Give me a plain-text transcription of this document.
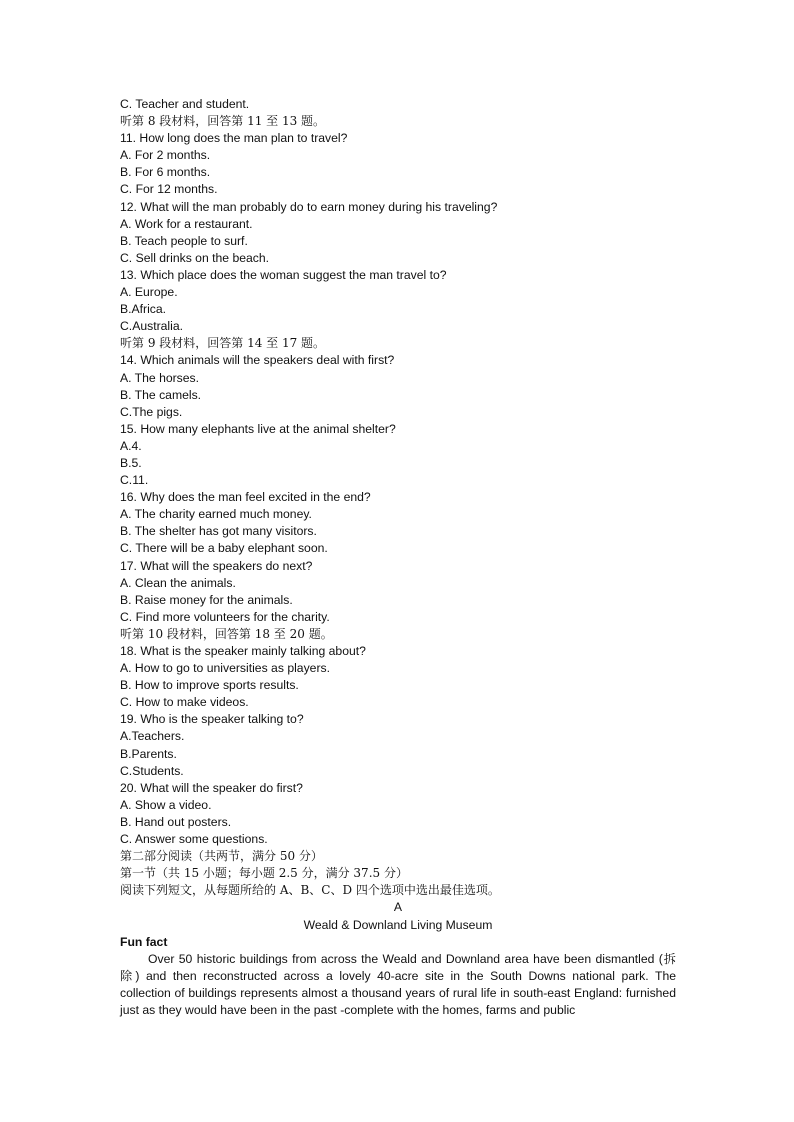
C. Teacher and student.
听第 8 段材料，回答第 11 至 13 题。
11. How long does the man plan to travel?
A. For 2 months.
B. For 6 months.
C. For 12 months.
12. What will the man probably do to earn money during his traveling?
A. Work for a restaurant.
B. Teach people to surf.
C. Sell drinks on the beach.
13. Which place does the woman suggest the man travel to?
A. Europe.
B.Africa.
C.Australia.
听第 9 段材料，回答第 14 至 17 题。
14. Which animals will the speakers deal with first?
A. The horses.
B. The camels.
C.The pigs.
15. How many elephants live at the animal shelter?
A.4.
B.5.
C.11.
16. Why does the man feel excited in the end?
A. The charity earned much money.
B. The shelter has got many visitors.
C. There will be a baby elephant soon.
17. What will the speakers do next?
A. Clean the animals.
B. Raise money for the animals.
C. Find more volunteers for the charity.
听第 10 段材料，回答第 18 至 20 题。
18. What is the speaker mainly talking about?
A. How to go to universities as players.
B. How to improve sports results.
C. How to make videos.
19. Who is the speaker talking to?
A.Teachers.
B.Parents.
C.Students.
20. What will the speaker do first?
A. Show a video.
B. Hand out posters.
C. Answer some questions.
第二部分阅读（共两节，满分 50 分）
第一节（共 15 小题；每小题 2.5 分，满分 37.5 分）
阅读下列短文，从每题所给的 A、B、C、D 四个选项中选出最佳选项。
A
Weald & Downland Living Museum
Fun fact

Over 50 historic buildings from across the Weald and Downland area have been dismantled (拆除) and then reconstructed across a lovely 40-acre site in the South Downs national park. The collection of buildings represents almost a thousand years of rural life in south-east England: furnished just as they would have been in the past -complete with the homes, farms and public
